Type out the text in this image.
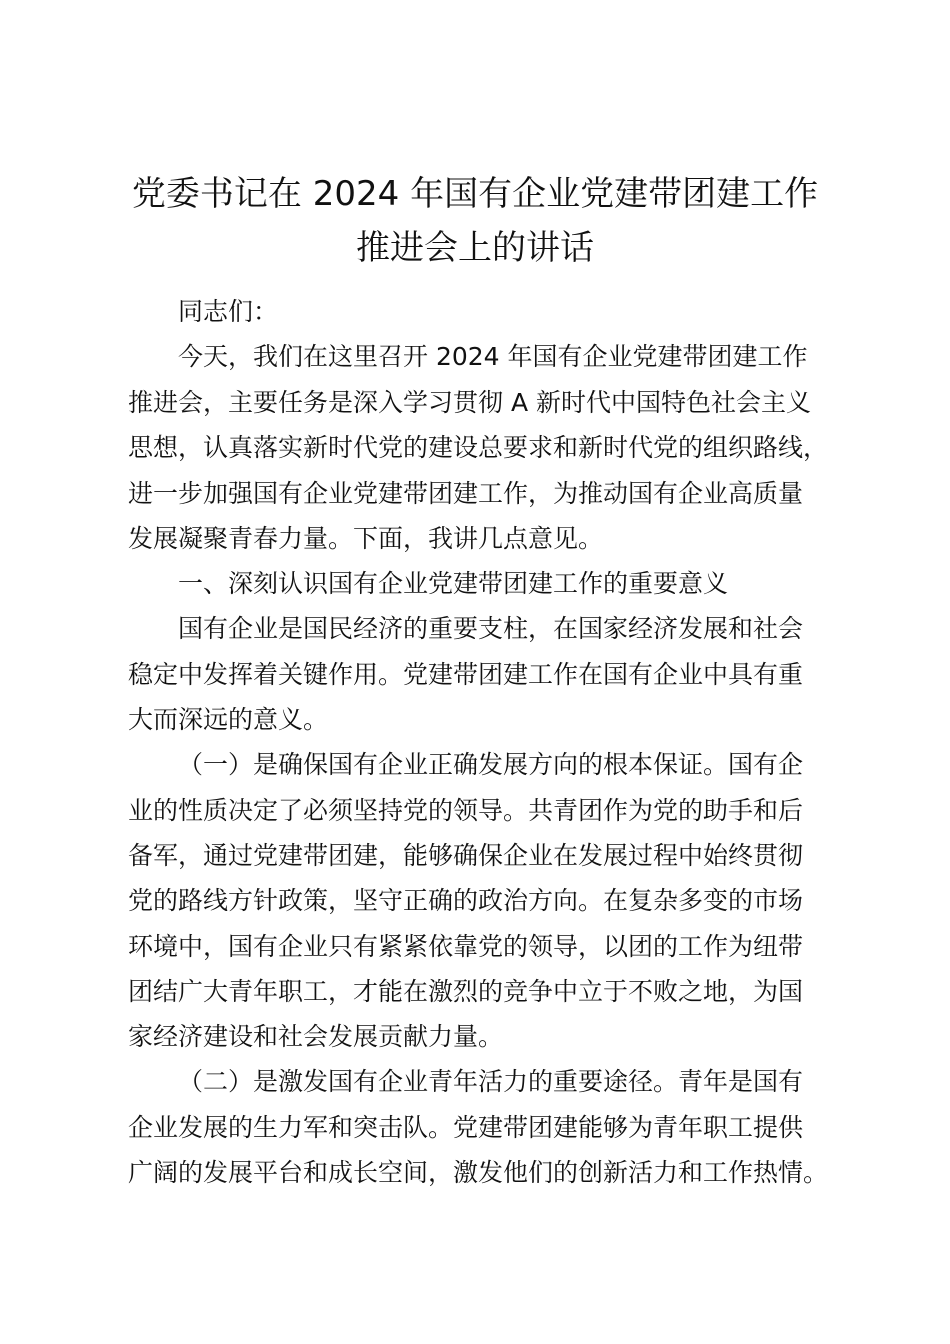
党委书记在 2024 年国有企业党建带团建工作
推进会上的讲话
同志们：
今天，我们在这里召开 2024 年国有企业党建带团建工作
推进会，主要任务是深入学习贯彻 A 新时代中国特色社会主义
思想，认真落实新时代党的建设总要求和新时代党的组织路线，
进一步加强国有企业党建带团建工作，为推动国有企业高质量
发展凝聚青春力量。下面，我讲几点意见。
一、深刻认识国有企业党建带团建工作的重要意义
国有企业是国民经济的重要支柱，在国家经济发展和社会
稳定中发挥着关键作用。党建带团建工作在国有企业中具有重
大而深远的意义。
（一）是确保国有企业正确发展方向的根本保证。国有企
业的性质决定了必须坚持党的领导。共青团作为党的助手和后
备军，通过党建带团建，能够确保企业在发展过程中始终贯彻
党的路线方针政策，坚守正确的政治方向。在复杂多变的市场
环境中，国有企业只有紧紧依靠党的领导，以团的工作为纽带
团结广大青年职工，才能在激烈的竞争中立于不败之地，为国
家经济建设和社会发展贡献力量。
（二）是激发国有企业青年活力的重要途径。青年是国有
企业发展的生力军和突击队。党建带团建能够为青年职工提供
广阔的发展平台和成长空间，激发他们的创新活力和工作热情。
